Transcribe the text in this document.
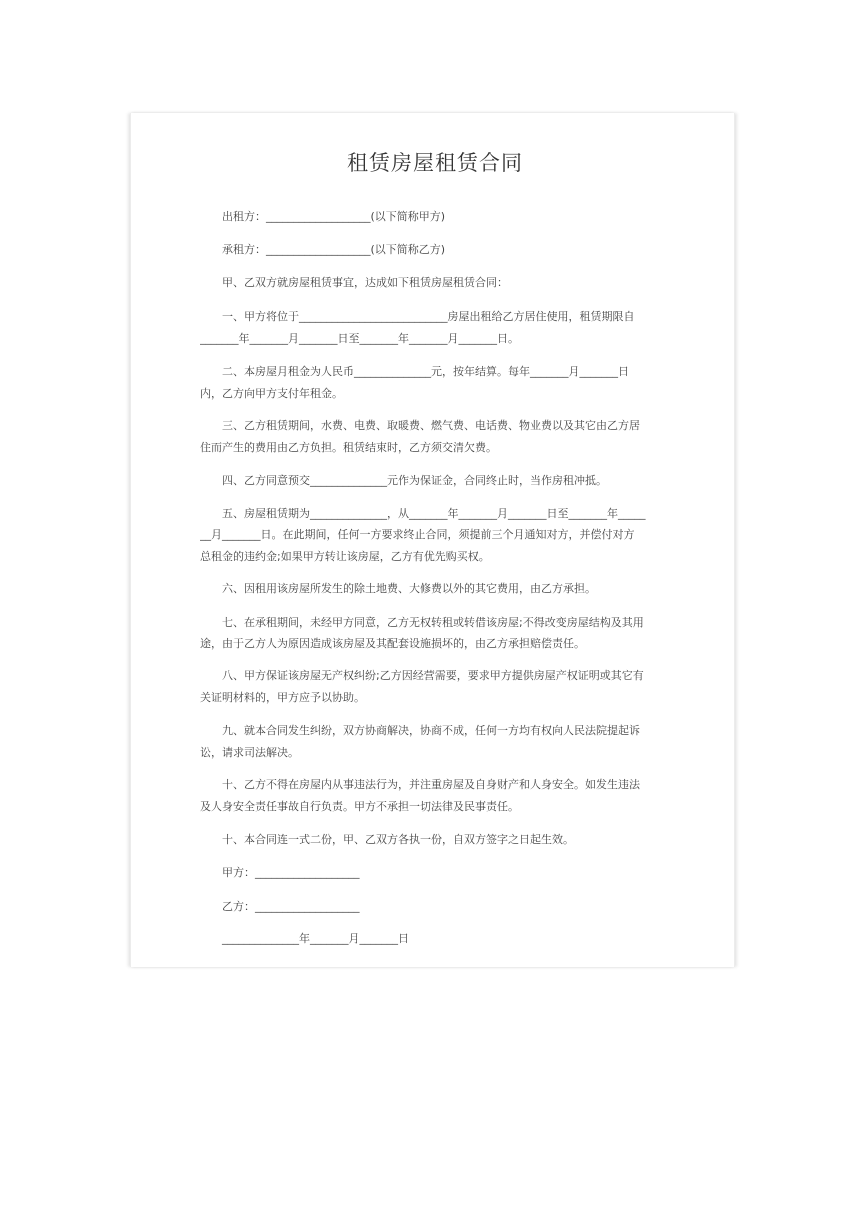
租赁房屋租赁合同
出租方：___________________(以下简称甲方)
承租方：___________________(以下简称乙方)
甲、乙双方就房屋租赁事宜，达成如下租赁房屋租赁合同：
一、甲方将位于___________________________房屋出租给乙方居住使用，租赁期限自
_______年_______月_______日至_______年_______月_______日。
二、本房屋月租金为人民币______________元，按年结算。每年_______月_______日
内，乙方向甲方支付年租金。
三、乙方租赁期间，水费、电费、取暖费、燃气费、电话费、物业费以及其它由乙方居
住而产生的费用由乙方负担。租赁结束时，乙方须交清欠费。
四、乙方同意预交______________元作为保证金，合同终止时，当作房租冲抵。
五、房屋租赁期为______________，从_______年_______月_______日至_______年_____
__月_______日。在此期间，任何一方要求终止合同，须提前三个月通知对方，并偿付对方
总租金的违约金;如果甲方转让该房屋，乙方有优先购买权。
六、因租用该房屋所发生的除土地费、大修费以外的其它费用，由乙方承担。
七、在承租期间，未经甲方同意，乙方无权转租或转借该房屋;不得改变房屋结构及其用
途，由于乙方人为原因造成该房屋及其配套设施损坏的，由乙方承担赔偿责任。
八、甲方保证该房屋无产权纠纷;乙方因经营需要，要求甲方提供房屋产权证明或其它有
关证明材料的，甲方应予以协助。
九、就本合同发生纠纷，双方协商解决，协商不成，任何一方均有权向人民法院提起诉
讼，请求司法解决。
十、乙方不得在房屋内从事违法行为，并注重房屋及自身财产和人身安全。如发生违法
及人身安全责任事故自行负责。甲方不承担一切法律及民事责任。
十、本合同连一式二份，甲、乙双方各执一份，自双方签字之日起生效。
甲方：___________________
乙方：___________________
______________年_______月_______日
